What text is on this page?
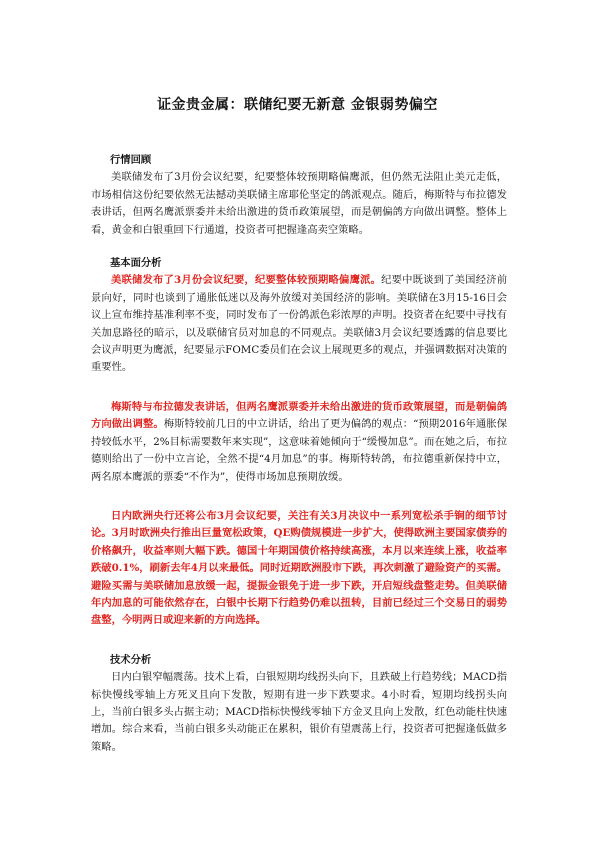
证金贵金属：联储纪要无新意 金银弱势偏空

行情回顾

美联储发布了3月份会议纪要，纪要整体较预期略偏鹰派，但仍然无法阻止美元走低，市场相信这份纪要依然无法撼动美联储主席耶伦坚定的鸽派观点。随后，梅斯特与布拉德发表讲话，但两名鹰派票委并未给出激进的货币政策展望，而是朝偏鸽方向做出调整。整体上看，黄金和白银重回下行通道，投资者可把握逢高卖空策略。

基本面分析

美联储发布了3月份会议纪要，纪要整体较预期略偏鹰派。纪要中既谈到了美国经济前景向好，同时也谈到了通胀低迷以及海外放缓对美国经济的影响。美联储在3月15-16日会议上宣布维持基准利率不变，同时发布了一份鸽派色彩浓厚的声明。投资者在纪要中寻找有关加息路径的暗示，以及联储官员对加息的不同观点。美联储3月会议纪要透露的信息要比会议声明更为鹰派，纪要显示FOMC委员们在会议上展现更多的观点，并强调数据对决策的重要性。

梅斯特与布拉德发表讲话，但两名鹰派票委并未给出激进的货币政策展望，而是朝偏鸽方向做出调整。梅斯特较前几日的中立讲话，给出了更为偏鸽的观点：“预期2016年通胀保持较低水平，2%目标需要数年来实现”，这意味着她倾向于“缓慢加息”。而在她之后，布拉德则给出了一份中立言论，全然不提“4月加息”的事。梅斯特转鸽，布拉德重新保持中立，两名原本鹰派的票委“不作为”，使得市场加息预期放缓。

日内欧洲央行还将公布3月会议纪要，关注有关3月决议中一系列宽松杀手锏的细节讨论。3月时欧洲央行推出巨量宽松政策，QE购债规模进一步扩大，使得欧洲主要国家债券的价格飙升，收益率则大幅下跌。德国十年期国债价格持续高涨，本月以来连续上涨，收益率跌破0.1%，刷新去年4月以来最低。同时近期欧洲股市下跌，再次刺激了避险资产的买需。避险买需与美联储加息放缓一起，提振金银免于进一步下跌，开启短线盘整走势。但美联储年内加息的可能依然存在，白银中长期下行趋势仍难以扭转，目前已经过三个交易日的弱势盘整，今明两日或迎来新的方向选择。

技术分析

日内白银窄幅震荡。技术上看，白银短期均线拐头向下，且跌破上行趋势线；MACD指标快慢线零轴上方死叉且向下发散，短期有进一步下跌要求。4小时看，短期均线拐头向上，当前白银多头占据主动；MACD指标快慢线零轴下方金叉且向上发散，红色动能柱快速增加。综合来看，当前白银多头动能正在累积，银价有望震荡上行，投资者可把握逢低做多策略。
